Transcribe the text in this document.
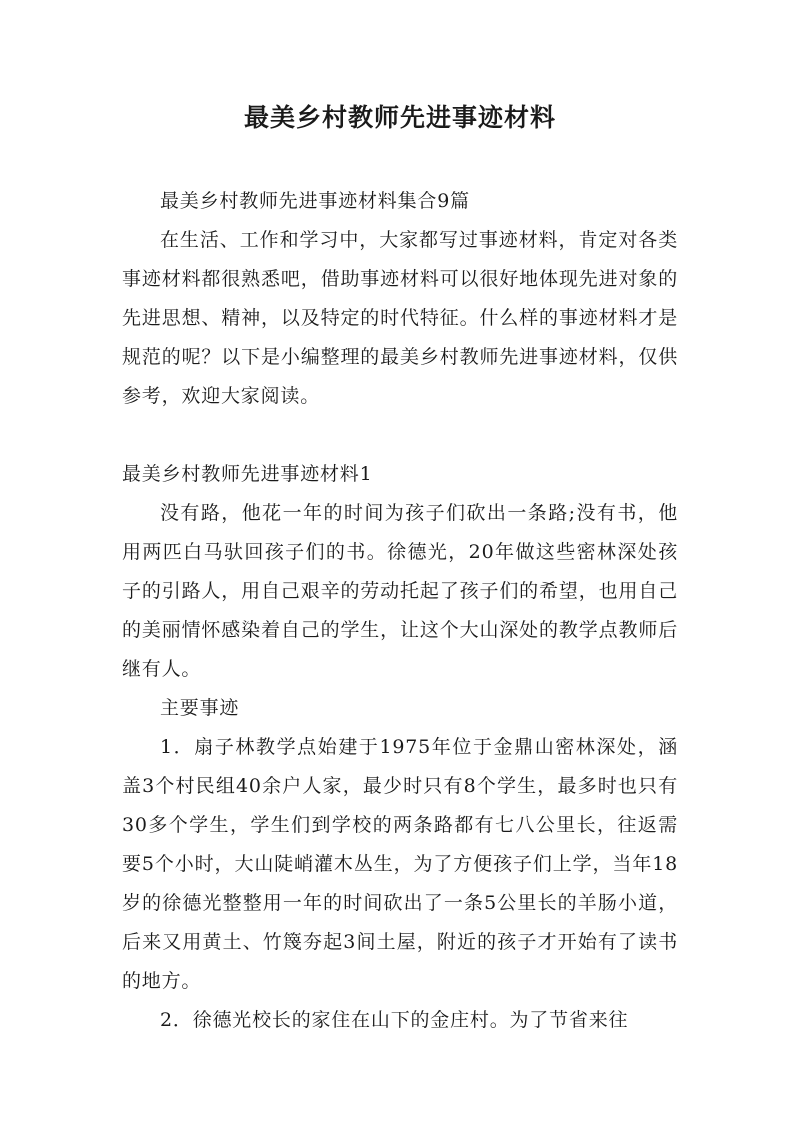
最美乡村教师先进事迹材料

最美乡村教师先进事迹材料集合9篇

在生活、工作和学习中，大家都写过事迹材料，肯定对各类事迹材料都很熟悉吧，借助事迹材料可以很好地体现先进对象的先进思想、精神，以及特定的时代特征。什么样的事迹材料才是规范的呢？以下是小编整理的最美乡村教师先进事迹材料，仅供参考，欢迎大家阅读。

最美乡村教师先进事迹材料1

没有路，他花一年的时间为孩子们砍出一条路;没有书，他用两匹白马驮回孩子们的书。徐德光，20年做这些密林深处孩子的引路人，用自己艰辛的劳动托起了孩子们的希望，也用自己的美丽情怀感染着自己的学生，让这个大山深处的教学点教师后继有人。

主要事迹

1．扇子林教学点始建于1975年位于金鼎山密林深处，涵盖3个村民组40余户人家，最少时只有8个学生，最多时也只有30多个学生，学生们到学校的两条路都有七八公里长，往返需要5个小时，大山陡峭灌木丛生，为了方便孩子们上学，当年18岁的徐德光整整用一年的时间砍出了一条5公里长的羊肠小道，后来又用黄土、竹篾夯起3间土屋，附近的孩子才开始有了读书的地方。

2．徐德光校长的家住在山下的金庄村。为了节省来往
